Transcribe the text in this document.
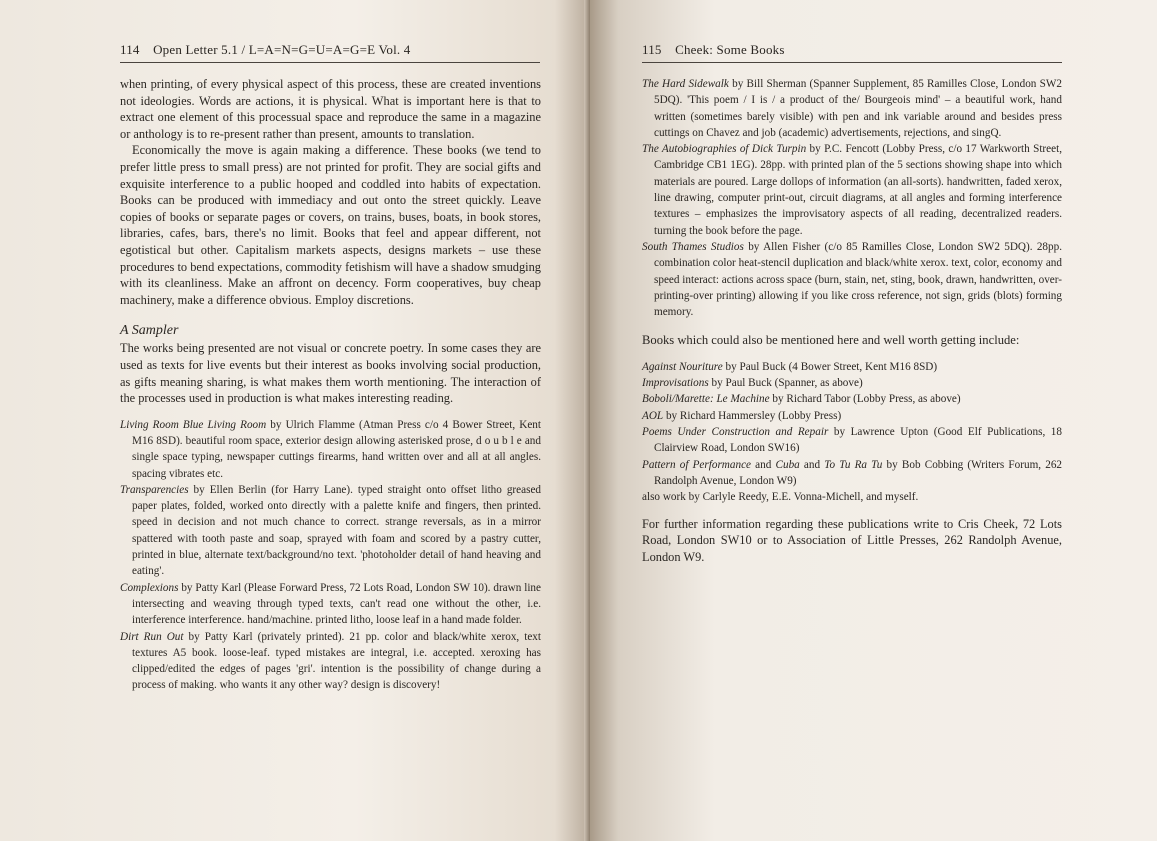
114 Open Letter 5.1 / L=A=N=G=U=A=G=E Vol. 4

when printing, of every physical aspect of this process, these are created inventions not ideologies. Words are actions, it is physical. What is important here is that to extract one element of this processual space and reproduce the same in a magazine or anthology is to re-present rather than present, amounts to translation.

Economically the move is again making a difference. These books (we tend to prefer little press to small press) are not printed for profit. They are social gifts and exquisite interference to a public hooped and coddled into habits of expectation. Books can be produced with immediacy and out onto the street quickly. Leave copies of books or separate pages or covers, on trains, buses, boats, in book stores, libraries, cafes, bars, there's no limit. Books that feel and appear different, not egotistical but other. Capitalism markets aspects, designs markets – use these procedures to bend expectations, commodity fetishism will have a shadow smudging with its cleanliness. Make an affront on decency. Form cooperatives, buy cheap machinery, make a difference obvious. Employ discretions.

A Sampler

The works being presented are not visual or concrete poetry. In some cases they are used as texts for live events but their interest as books involving social production, as gifts meaning sharing, is what makes them worth mentioning. The interaction of the processes used in production is what makes interesting reading.

Living Room Blue Living Room by Ulrich Flamme (Atman Press c/o 4 Bower Street, Kent M16 8SD). beautiful room space, exterior design allowing asterisked prose, d o u b l e and single space typing, newspaper cuttings firearms, hand written over and all at all angles. spacing vibrates etc.

Transparencies by Ellen Berlin (for Harry Lane). typed straight onto offset litho greased paper plates, folded, worked onto directly with a palette knife and fingers, then printed. speed in decision and not much chance to correct. strange reversals, as in a mirror spattered with tooth paste and soap, sprayed with foam and scored by a pastry cutter, printed in blue, alternate text/background/no text. 'photoholder detail of hand heaving and eating'.

Complexions by Patty Karl (Please Forward Press, 72 Lots Road, London SW 10). drawn line intersecting and weaving through typed texts, can't read one without the other, i.e. interference interference. hand/machine. printed litho, loose leaf in a hand made folder.

Dirt Run Out by Patty Karl (privately printed). 21 pp. color and black/white xerox, text textures A5 book. loose-leaf. typed mistakes are integral, i.e. accepted. xeroxing has clipped/edited the edges of pages 'gri'. intention is the possibility of change during a process of making. who wants it any other way? design is discovery!

115 Cheek: Some Books

The Hard Sidewalk by Bill Sherman (Spanner Supplement, 85 Ramilles Close, London SW2 5DQ). 'This poem / I is / a product of the/ Bourgeois mind' – a beautiful work, hand written (sometimes barely visible) with pen and ink variable around and besides press cuttings on Chavez and job (academic) advertisements, rejections, and singQ.

The Autobiographies of Dick Turpin by P.C. Fencott (Lobby Press, c/o 17 Warkworth Street, Cambridge CB1 1EG). 28pp. with printed plan of the 5 sections showing shape into which materials are poured. Large dollops of information (an all-sorts). handwritten, faded xerox, line drawing, computer print-out, circuit diagrams, at all angles and forming interference textures – emphasizes the improvisatory aspects of all reading, decentralized readers. turning the book before the page.

South Thames Studios by Allen Fisher (c/o 85 Ramilles Close, London SW2 5DQ). 28pp. combination color heat-stencil duplication and black/white xerox. text, color, economy and speed interact: actions across space (burn, stain, net, sting, book, drawn, handwritten, over-printing-over printing) allowing if you like cross reference, not sign, grids (blots) forming memory.

Books which could also be mentioned here and well worth getting include:

Against Nouriture by Paul Buck (4 Bower Street, Kent M16 8SD)

Improvisations by Paul Buck (Spanner, as above)

Boboli/Marette: Le Machine by Richard Tabor (Lobby Press, as above)

AOL by Richard Hammersley (Lobby Press)

Poems Under Construction and Repair by Lawrence Upton (Good Elf Publications, 18 Clairview Road, London SW16)

Pattern of Performance and Cuba and To Tu Ra Tu by Bob Cobbing (Writers Forum, 262 Randolph Avenue, London W9)

also work by Carlyle Reedy, E.E. Vonna-Michell, and myself.

For further information regarding these publications write to Cris Cheek, 72 Lots Road, London SW10 or to Association of Little Presses, 262 Randolph Avenue, London W9.
